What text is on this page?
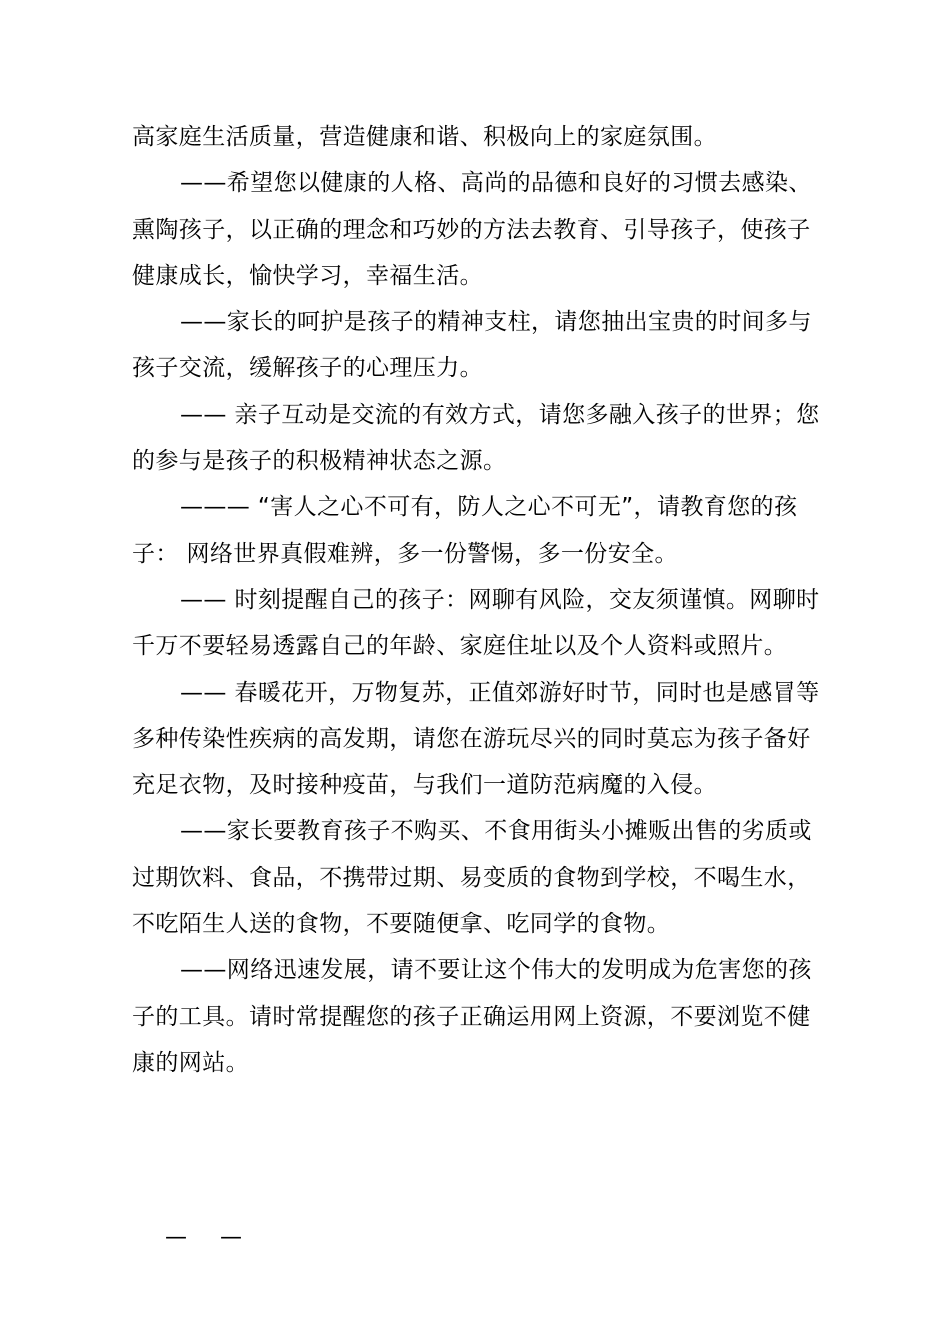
高家庭生活质量，营造健康和谐、积极向上的家庭氛围。

——希望您以健康的人格、高尚的品德和良好的习惯去感染、熏陶孩子，以正确的理念和巧妙的方法去教育、引导孩子，使孩子健康成长，愉快学习，幸福生活。

——家长的呵护是孩子的精神支柱，请您抽出宝贵的时间多与孩子交流，缓解孩子的心理压力。

—— 亲子互动是交流的有效方式，请您多融入孩子的世界；您的参与是孩子的积极精神状态之源。

——— “害人之心不可有，防人之心不可无”，请教育您的孩子： 网络世界真假难辨，多一份警惕，多一份安全。

—— 时刻提醒自己的孩子：网聊有风险，交友须谨慎。网聊时千万不要轻易透露自己的年龄、家庭住址以及个人资料或照片。

—— 春暖花开，万物复苏，正值郊游好时节，同时也是感冒等多种传染性疾病的高发期，请您在游玩尽兴的同时莫忘为孩子备好充足衣物，及时接种疫苗，与我们一道防范病魔的入侵。

——家长要教育孩子不购买、不食用街头小摊贩出售的劣质或过期饮料、食品，不携带过期、易变质的食物到学校，不喝生水，不吃陌生人送的食物，不要随便拿、吃同学的食物。

——网络迅速发展，请不要让这个伟大的发明成为危害您的孩子的工具。请时常提醒您的孩子正确运用网上资源，不要浏览不健康的网站。

— —
